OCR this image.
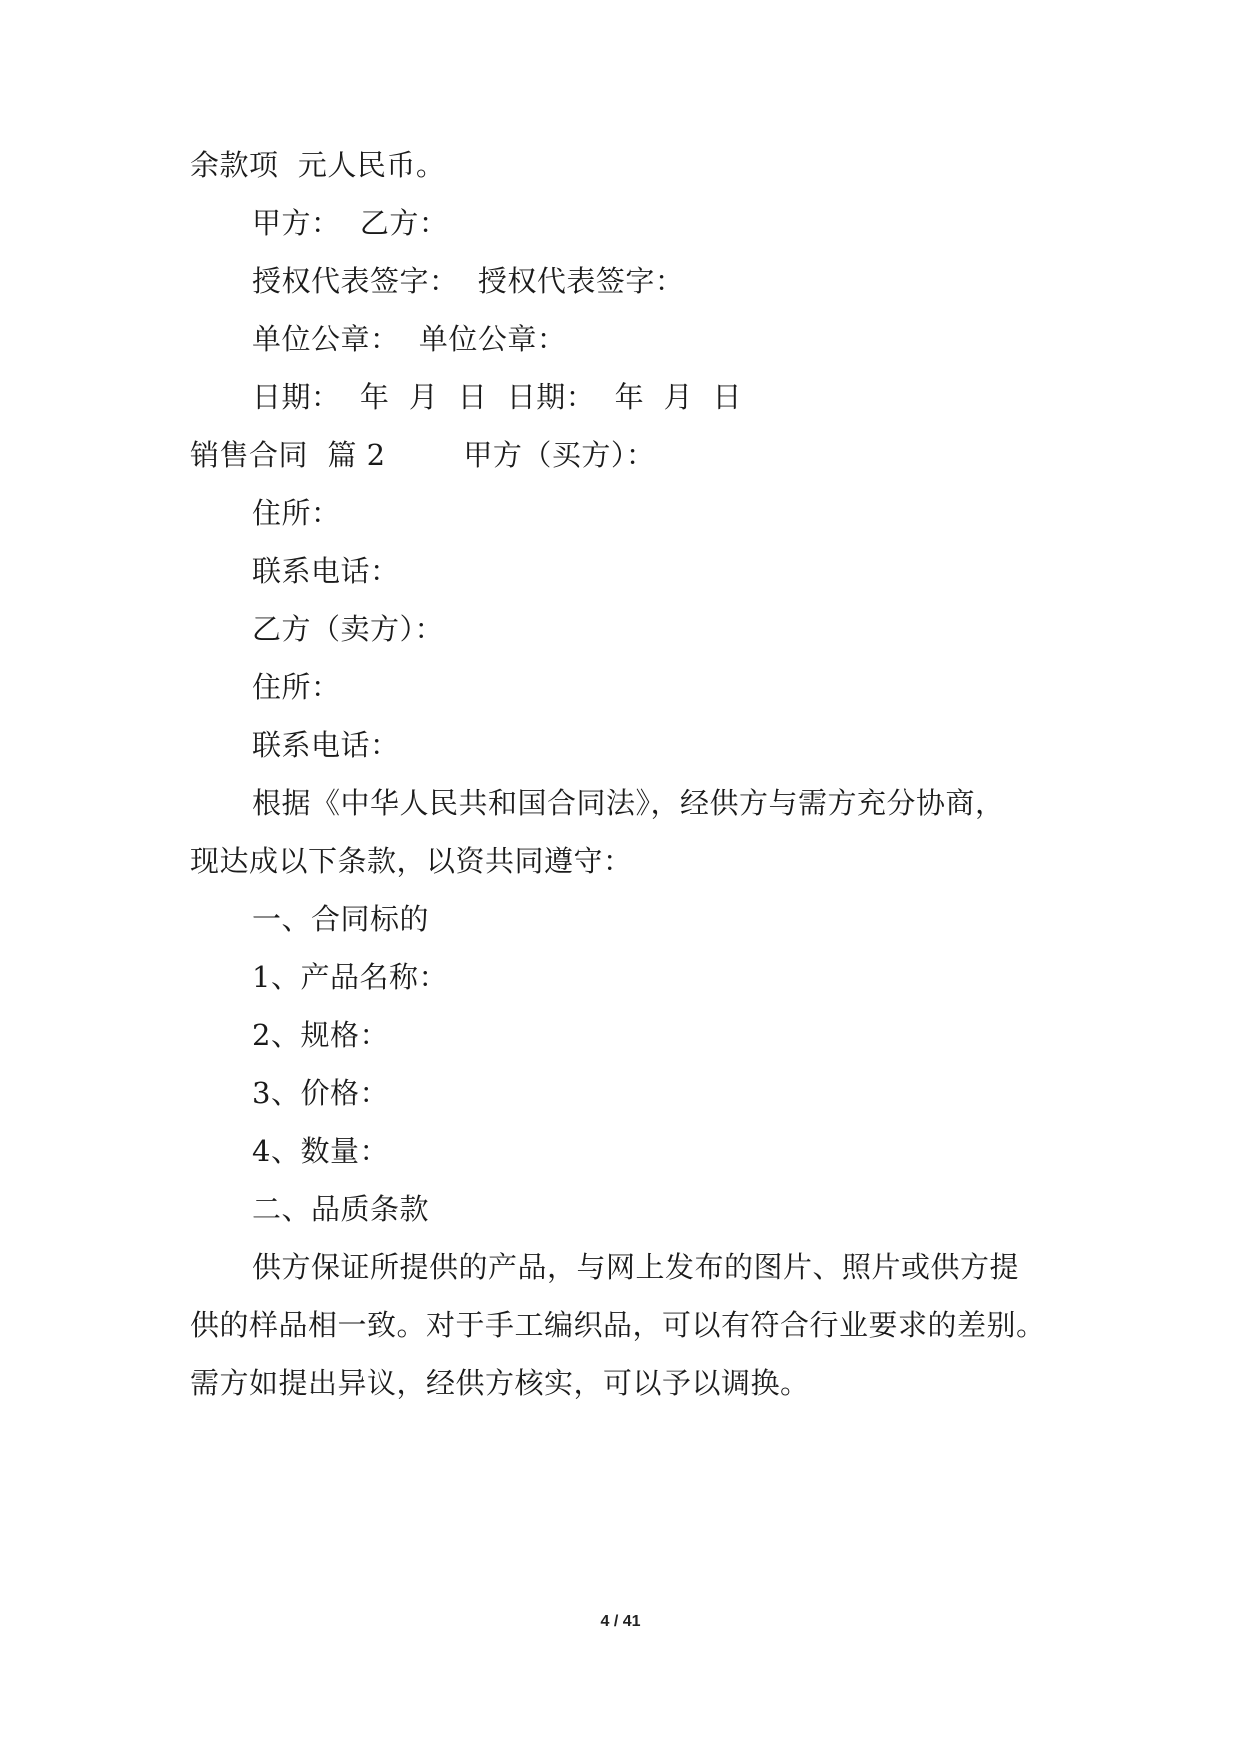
余款项  元人民币。
甲方：  乙方：
授权代表签字：  授权代表签字：
单位公章：  单位公章：
日期：  年  月  日  日期：  年  月  日
销售合同  篇 2        甲方（买方）：
住所：
联系电话：
乙方（卖方）：
住所：
联系电话：
根据《中华人民共和国合同法》，经供方与需方充分协商，
现达成以下条款，以资共同遵守：
一、合同标的
1、产品名称：
2、规格：
3、价格：
4、数量：
二、品质条款
供方保证所提供的产品，与网上发布的图片、照片或供方提
供的样品相一致。对于手工编织品，可以有符合行业要求的差别。
需方如提出异议，经供方核实，可以予以调换。
4 / 41
